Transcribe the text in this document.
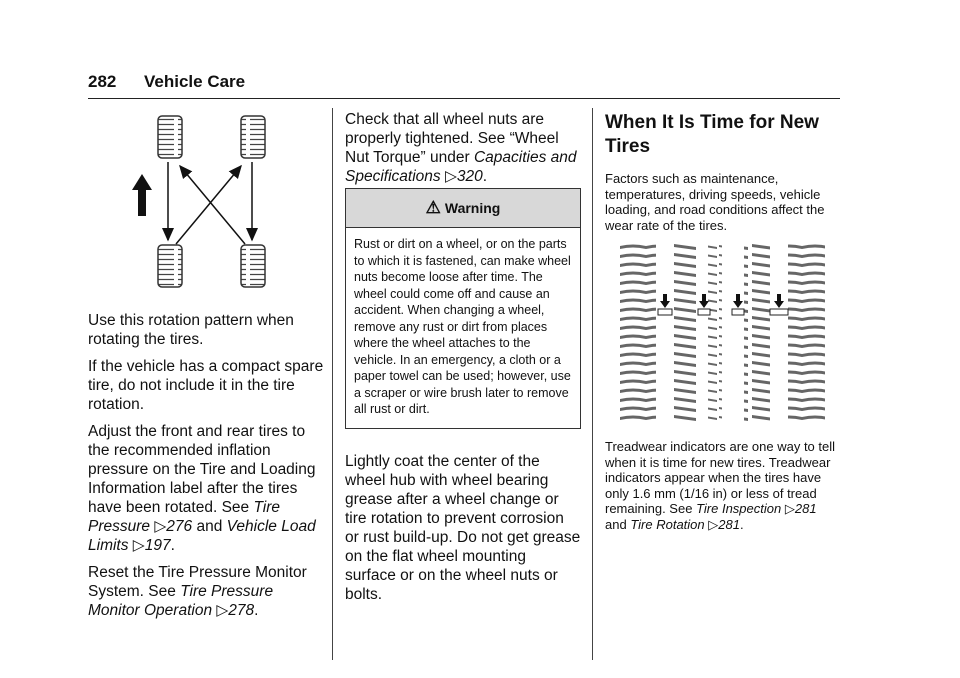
282 Vehicle Care

Use this rotation pattern when rotating the tires.

If the vehicle has a compact spare tire, do not include it in the tire rotation.

Adjust the front and rear tires to the recommended inflation pressure on the Tire and Loading Information label after the tires have been rotated. See Tire Pressure ▷276 and Vehicle Load Limits ▷197.

Reset the Tire Pressure Monitor System. See Tire Pressure Monitor Operation ▷278.

Check that all wheel nuts are properly tightened. See “Wheel Nut Torque” under Capacities and Specifications ▷320.

⚠ Warning
Rust or dirt on a wheel, or on the parts to which it is fastened, can make wheel nuts become loose after time. The wheel could come off and cause an accident. When changing a wheel, remove any rust or dirt from places where the wheel attaches to the vehicle. In an emergency, a cloth or a paper towel can be used; however, use a scraper or wire brush later to remove all rust or dirt.

Lightly coat the center of the wheel hub with wheel bearing grease after a wheel change or tire rotation to prevent corrosion or rust build-up. Do not get grease on the flat wheel mounting surface or on the wheel nuts or bolts.

When It Is Time for New Tires

Factors such as maintenance, temperatures, driving speeds, vehicle loading, and road conditions affect the wear rate of the tires.

Treadwear indicators are one way to tell when it is time for new tires. Treadwear indicators appear when the tires have only 1.6 mm (1/16 in) or less of tread remaining. See Tire Inspection ▷281 and Tire Rotation ▷281.
